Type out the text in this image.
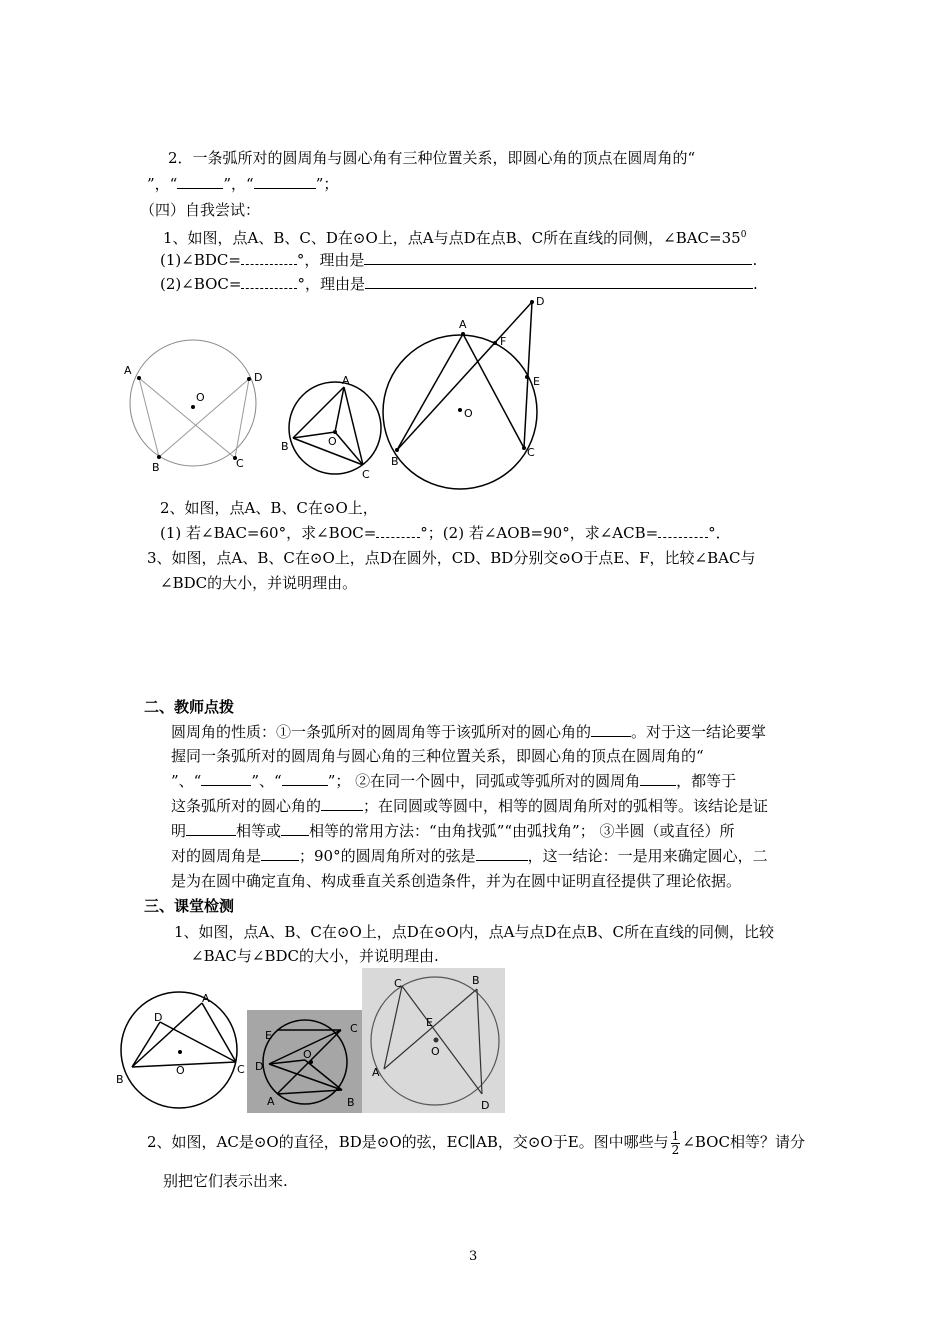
2．一条弧所对的圆周角与圆心角有三种位置关系，即圆心角的顶点在圆周角的“
”，“	”，“	”；
（四）自我尝试：
1、如图，点A、B、C、D在⊙O上，点A与点D在点B、C所在直线的同侧，$\angle BAC=35^0$
(1)∠BDC=	°，理由是	.
(2)∠BOC=	°，理由是	.
A
D
O
B	C
A
B
C
O
A
D
F
E
O
B
C
2、如图，点A、B、C在⊙O上，
(1) 若∠BAC=60°，求∠BOC=	°；(2) 若∠AOB=90°，求∠ACB=	°．
3、如图，点A、B、C在⊙O上，点D在圆外，CD、BD分别交⊙O于点E、F，比较∠BAC与
∠BDC的大小，并说明理由。
二、教师点拨
圆周角的性质：①一条弧所对的圆周角等于该弧所对的圆心角的	。对于这一结论要掌
握同一条弧所对的圆周角与圆心角的三种位置关系，即圆心角的顶点在圆周角的“
”、“	”、“	”； ②在同一个圆中，同弧或等弧所对的圆周角 ，都等于
这条弧所对的圆心角的	；在同圆或等圆中，相等的圆周角所对的弧相等。该结论是证
明	相等或 相等的常用方法：“由角找弧”“由弧找角”； ③半圆（或直径）所
对的圆周角是	；90°的圆周角所对的弦是	，这一结论：一是用来确定圆心，二
是为在圆中确定直角、构成垂直关系创造条件，并为在圆中证明直径提供了理论依据。
三、课堂检测
1、如图，点A、B、C在⊙O上，点D在⊙O内，点A与点D在点B、C所在直线的同侧，比较
∠BAC与∠BDC的大小，并说明理由.
A
D
B
C
O
E
C
D
O
A	B
C	B
E
O
A
D
2、如图，AC是⊙O的直径，BD是⊙O的弦，EC∥AB，交⊙O于E。图中哪些与 $\frac{1}{2}$ ∠BOC相等？请分
别把它们表示出来.
3
